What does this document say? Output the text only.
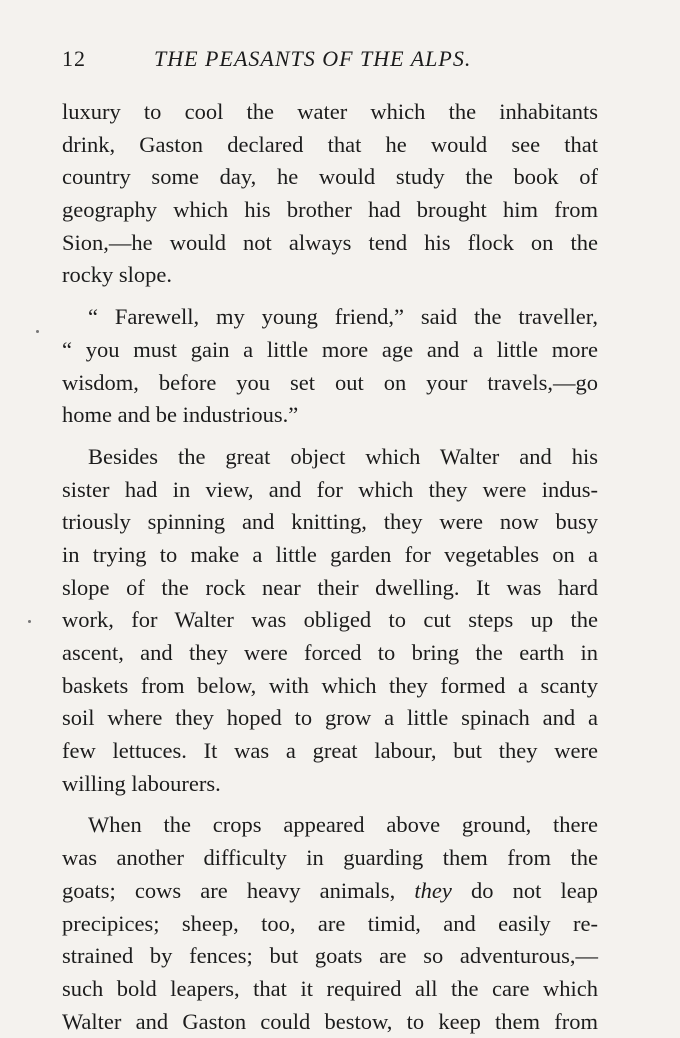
12	THE PEASANTS OF THE ALPS.

luxury to cool the water which the inhabitants
drink, Gaston declared that he would see that
country some day, he would study the book of
geography which his brother had brought him from
Sion,—he would not always tend his flock on the
rocky slope.

“ Farewell, my young friend,” said the traveller,
“ you must gain a little more age and a little more
wisdom, before you set out on your travels,—go
home and be industrious.”

Besides the great object which Walter and his
sister had in view, and for which they were indus-
triously spinning and knitting, they were now busy
in trying to make a little garden for vegetables on a
slope of the rock near their dwelling. It was hard
work, for Walter was obliged to cut steps up the
ascent, and they were forced to bring the earth in
baskets from below, with which they formed a scanty
soil where they hoped to grow a little spinach and a
few lettuces. It was a great labour, but they were
willing labourers.

When the crops appeared above ground, there
was another difficulty in guarding them from the
goats; cows are heavy animals, they do not leap
precipices; sheep, too, are timid, and easily re-
strained by fences; but goats are so adventurous,—
such bold leapers, that it required all the care which
Walter and Gaston could bestow, to keep them from
